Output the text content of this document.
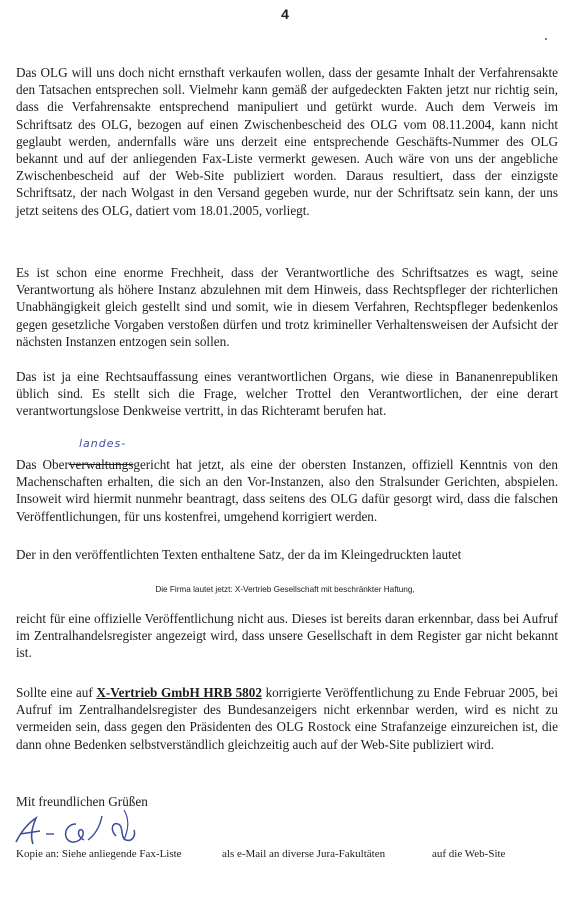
4

Das OLG will uns doch nicht ernsthaft verkaufen wollen, dass der gesamte Inhalt der Verfahrensakte den Tatsachen entsprechen soll. Vielmehr kann gemäß der aufgedeckten Fakten jetzt nur richtig sein, dass die Verfahrensakte entsprechend manipuliert und getürkt wurde. Auch dem Verweis im Schriftsatz des OLG, bezogen auf einen Zwischenbescheid des OLG vom 08.11.2004, kann nicht geglaubt werden, andernfalls wäre uns derzeit eine entsprechende Geschäfts-Nummer des OLG bekannt und auf der anliegenden Fax-Liste vermerkt gewesen. Auch wäre von uns der angebliche Zwischenbescheid auf der Web-Site publiziert worden. Daraus resultiert, dass der einzigste Schriftsatz, der nach Wolgast in den Versand gegeben wurde, nur der Schriftsatz sein kann, der uns jetzt seitens des OLG, datiert vom 18.01.2005, vorliegt.

Es ist schon eine enorme Frechheit, dass der Verantwortliche des Schriftsatzes es wagt, seine Verantwortung als höhere Instanz abzulehnen mit dem Hinweis, dass Rechtspfleger der richterlichen Unabhängigkeit gleich gestellt sind und somit, wie in diesem Verfahren, Rechtspfleger bedenkenlos gegen gesetzliche Vorgaben verstoßen dürfen und trotz krimineller Verhaltensweisen der Aufsicht der nächsten Instanzen entzogen sein sollen.

Das ist ja eine Rechtsauffassung eines verantwortlichen Organs, wie diese in Bananenrepubliken üblich sind. Es stellt sich die Frage, welcher Trottel den Verantwortlichen, der eine derart verantwortungslose Denkweise vertritt, in das Richteramt berufen hat.

landes-

Das Oberverwaltungsgericht hat jetzt, als eine der obersten Instanzen, offiziell Kenntnis von den Machenschaften erhalten, die sich an den Vor-Instanzen, also den Stralsunder Gerichten, abspielen. Insoweit wird hiermit nunmehr beantragt, dass seitens des OLG dafür gesorgt wird, dass die falschen Veröffentlichungen, für uns kostenfrei, umgehend korrigiert werden.

Der in den veröffentlichten Texten enthaltene Satz, der da im Kleingedruckten lautet

Die Firma lautet jetzt: X-Vertrieb Gesellschaft mit beschränkter Haftung,

reicht für eine offizielle Veröffentlichung nicht aus. Dieses ist bereits daran erkennbar, dass bei Aufruf im Zentralhandelsregister angezeigt wird, dass unsere Gesellschaft in dem Register gar nicht bekannt ist.

Sollte eine auf X-Vertrieb GmbH HRB 5802 korrigierte Veröffentlichung zu Ende Februar 2005, bei Aufruf im Zentralhandelsregister des Bundesanzeigers nicht erkennbar werden, wird es nicht zu vermeiden sein, dass gegen den Präsidenten des OLG Rostock eine Strafanzeige einzureichen ist, die dann ohne Bedenken selbstverständlich gleichzeitig auch auf der Web-Site publiziert wird.

Mit freundlichen Grüßen

Kopie an: Siehe anliegende Fax-Liste	als e-Mail an diverse Jura-Fakultäten	auf die Web-Site
